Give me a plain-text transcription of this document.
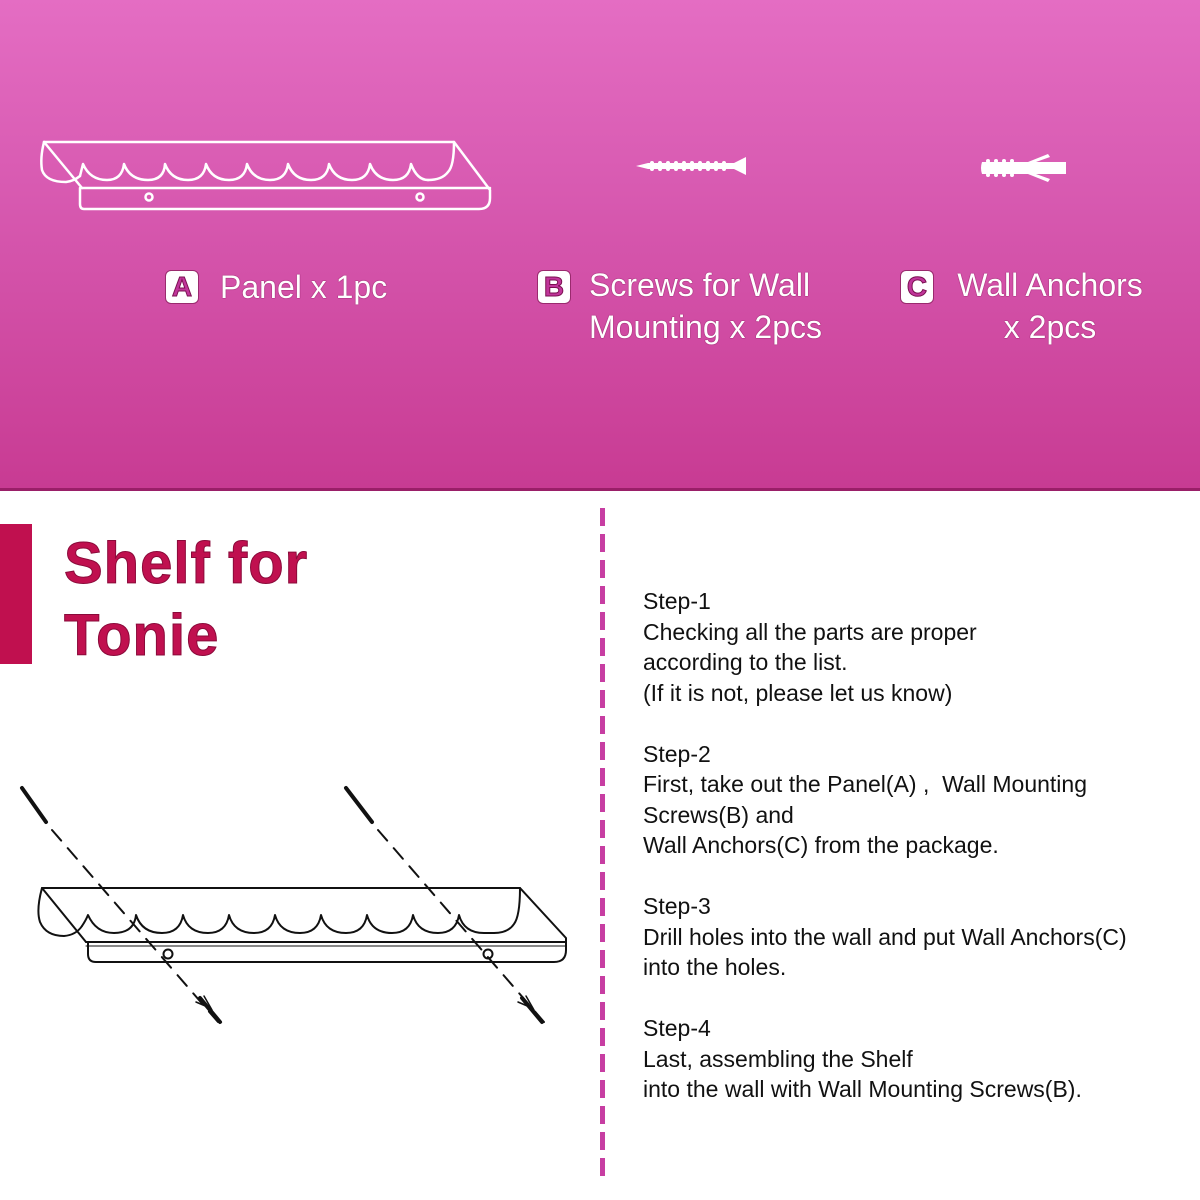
A Panel x 1pc	B Screws for Wall
Mounting x 2pcs
C Wall Anchors
x 2pcs
Shelf for
Tonie
Step-1
Checking all the parts are proper
according to the list.
(If it is not, please let us know)
Step-2
First, take out the Panel(A) ,  Wall Mounting
Screws(B) and
Wall Anchors(C) from the package.
Step-3
Drill holes into the wall and put Wall Anchors(C)
into the holes.
Step-4
Last, assembling the Shelf
into the wall with Wall Mounting Screws(B).
